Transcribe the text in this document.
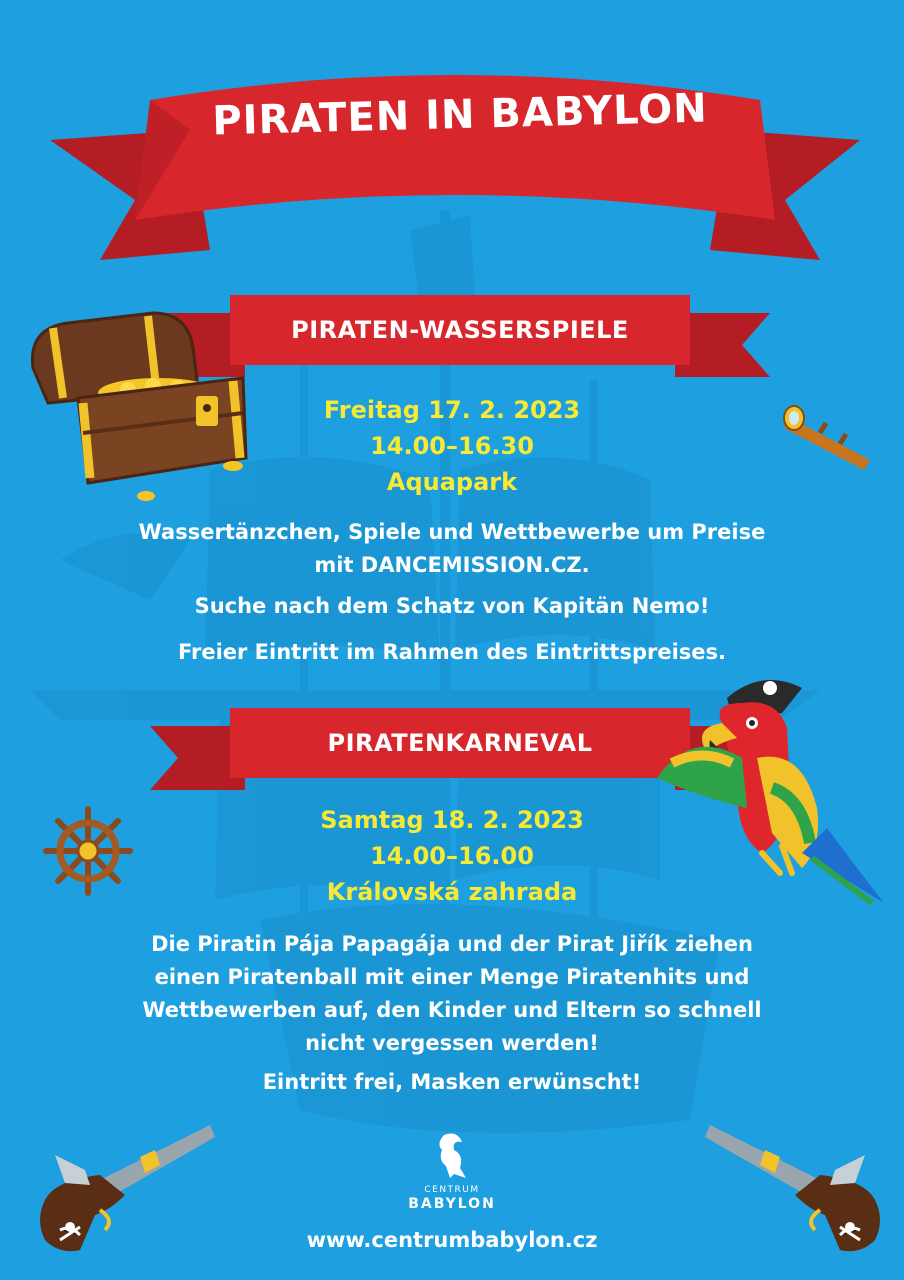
PIRATEN IN BABYLON
PIRATEN-WASSERSPIELE
Freitag 17. 2. 2023
14.00–16.30
Aquapark
Wassertänzchen, Spiele und Wettbewerbe um Preise
mit DANCEMISSION.CZ.
Suche nach dem Schatz von Kapitän Nemo!
Freier Eintritt im Rahmen des Eintrittspreises.
PIRATENKARNEVAL
Samtag 18. 2. 2023
14.00–16.00
Královská zahrada
Die Piratin Pája Papagája und der Pirat Jiřík ziehen
einen Piratenball mit einer Menge Piratenhits und
Wettbewerben auf, den Kinder und Eltern so schnell
nicht vergessen werden!
Eintritt frei, Masken erwünscht!
CENTRUM
BABYLON
www.centrumbabylon.cz
